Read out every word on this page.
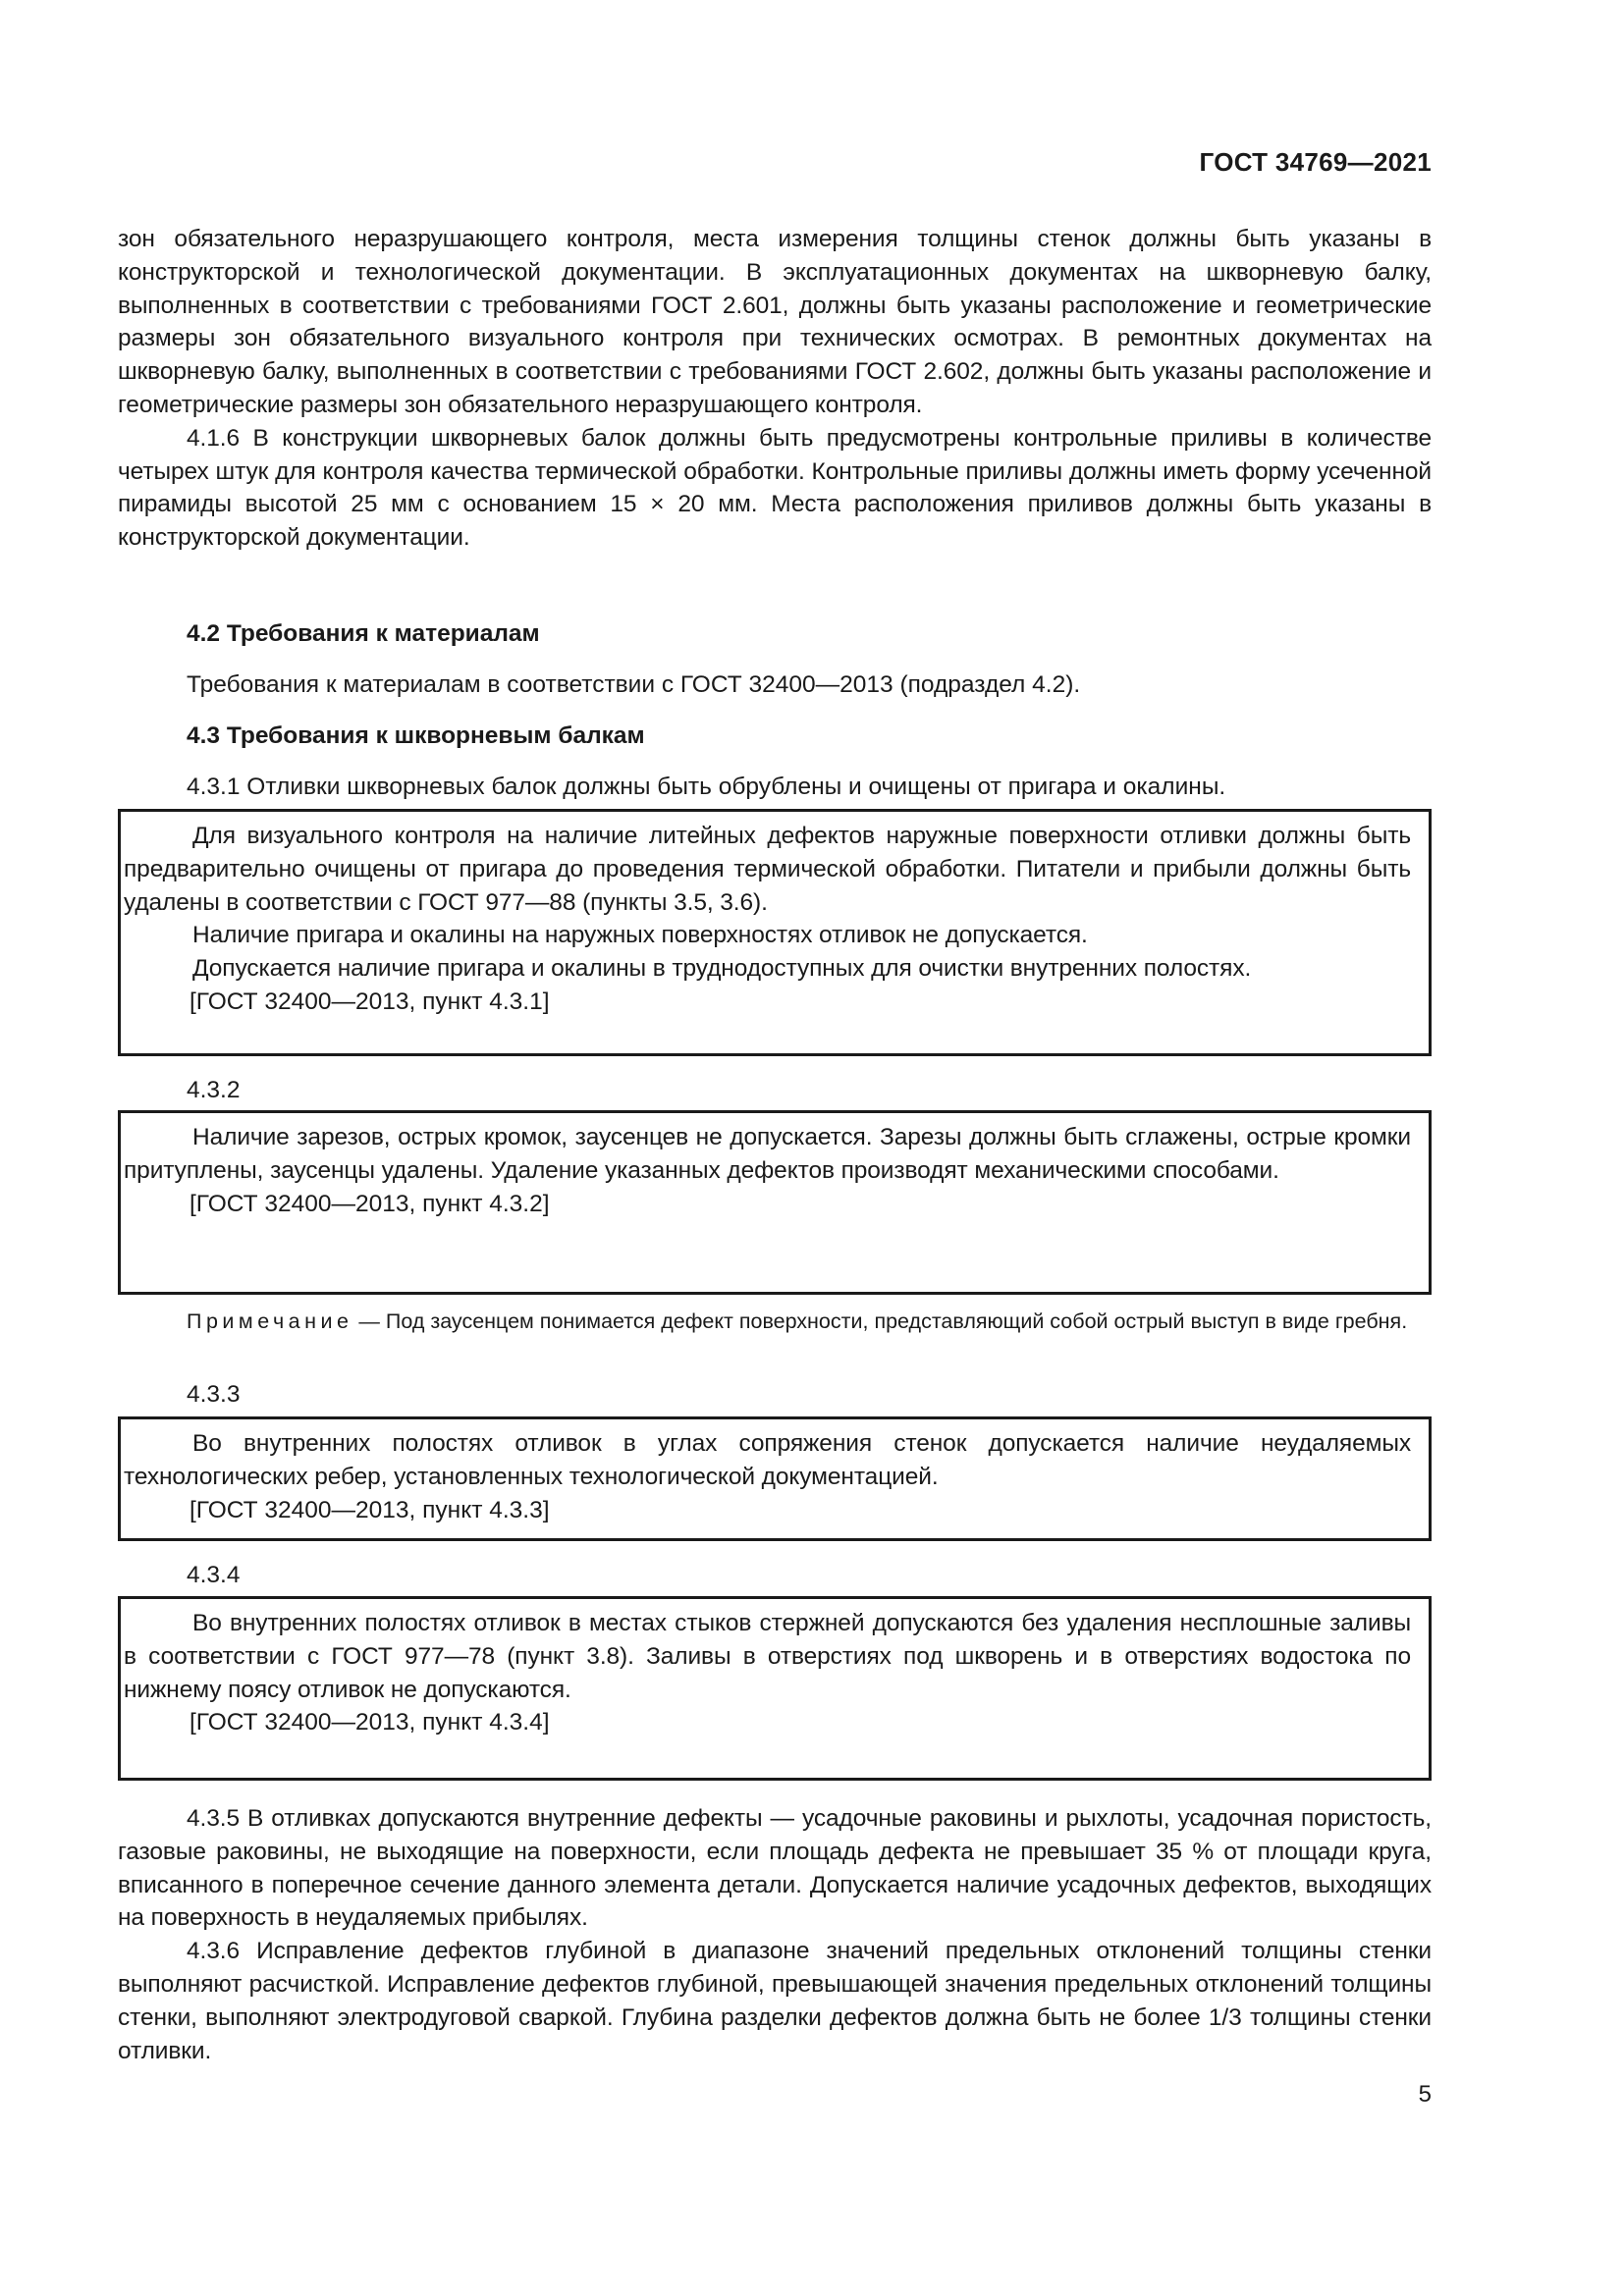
ГОСТ 34769—2021

зон обязательного неразрушающего контроля, места измерения толщины стенок должны быть указаны в конструкторской и технологической документации. В эксплуатационных документах на шкворневую балку, выполненных в соответствии с требованиями ГОСТ 2.601, должны быть указаны расположение и геометрические размеры зон обязательного визуального контроля при технических осмотрах. В ремонтных документах на шкворневую балку, выполненных в соответствии с требованиями ГОСТ 2.602, должны быть указаны расположение и геометрические размеры зон обязательного неразрушающего контроля.

4.1.6 В конструкции шкворневых балок должны быть предусмотрены контрольные приливы в количестве четырех штук для контроля качества термической обработки. Контрольные приливы должны иметь форму усеченной пирамиды высотой 25 мм с основанием 15 × 20 мм. Места расположения приливов должны быть указаны в конструкторской документации.

4.2 Требования к материалам

Требования к материалам в соответствии с ГОСТ 32400—2013 (подраздел 4.2).

4.3 Требования к шкворневым балкам

4.3.1 Отливки шкворневых балок должны быть обрублены и очищены от пригара и окалины.

Для визуального контроля на наличие литейных дефектов наружные поверхности отливки должны быть предварительно очищены от пригара до проведения термической обработки. Питатели и прибыли должны быть удалены в соответствии с ГОСТ 977—88 (пункты 3.5, 3.6).

Наличие пригара и окалины на наружных поверхностях отливок не допускается.

Допускается наличие пригара и окалины в труднодоступных для очистки внутренних полостях.

[ГОСТ 32400—2013, пункт 4.3.1]

4.3.2

Наличие зарезов, острых кромок, заусенцев не допускается. Зарезы должны быть сглажены, острые кромки притуплены, заусенцы удалены. Удаление указанных дефектов производят механическими способами.

[ГОСТ 32400—2013, пункт 4.3.2]

Примечание — Под заусенцем понимается дефект поверхности, представляющий собой острый выступ в виде гребня.

4.3.3

Во внутренних полостях отливок в углах сопряжения стенок допускается наличие неудаляемых технологических ребер, установленных технологической документацией.

[ГОСТ 32400—2013, пункт 4.3.3]

4.3.4

Во внутренних полостях отливок в местах стыков стержней допускаются без удаления несплошные заливы в соответствии с ГОСТ 977—78 (пункт 3.8). Заливы в отверстиях под шкворень и в отверстиях водостока по нижнему поясу отливок не допускаются.

[ГОСТ 32400—2013, пункт 4.3.4]

4.3.5 В отливках допускаются внутренние дефекты — усадочные раковины и рыхлоты, усадочная пористость, газовые раковины, не выходящие на поверхности, если площадь дефекта не превышает 35 % от площади круга, вписанного в поперечное сечение данного элемента детали. Допускается наличие усадочных дефектов, выходящих на поверхность в неудаляемых прибылях.

4.3.6 Исправление дефектов глубиной в диапазоне значений предельных отклонений толщины стенки выполняют расчисткой. Исправление дефектов глубиной, превышающей значения предельных отклонений толщины стенки, выполняют электродуговой сваркой. Глубина разделки дефектов должна быть не более 1/3 толщины стенки отливки.

5
